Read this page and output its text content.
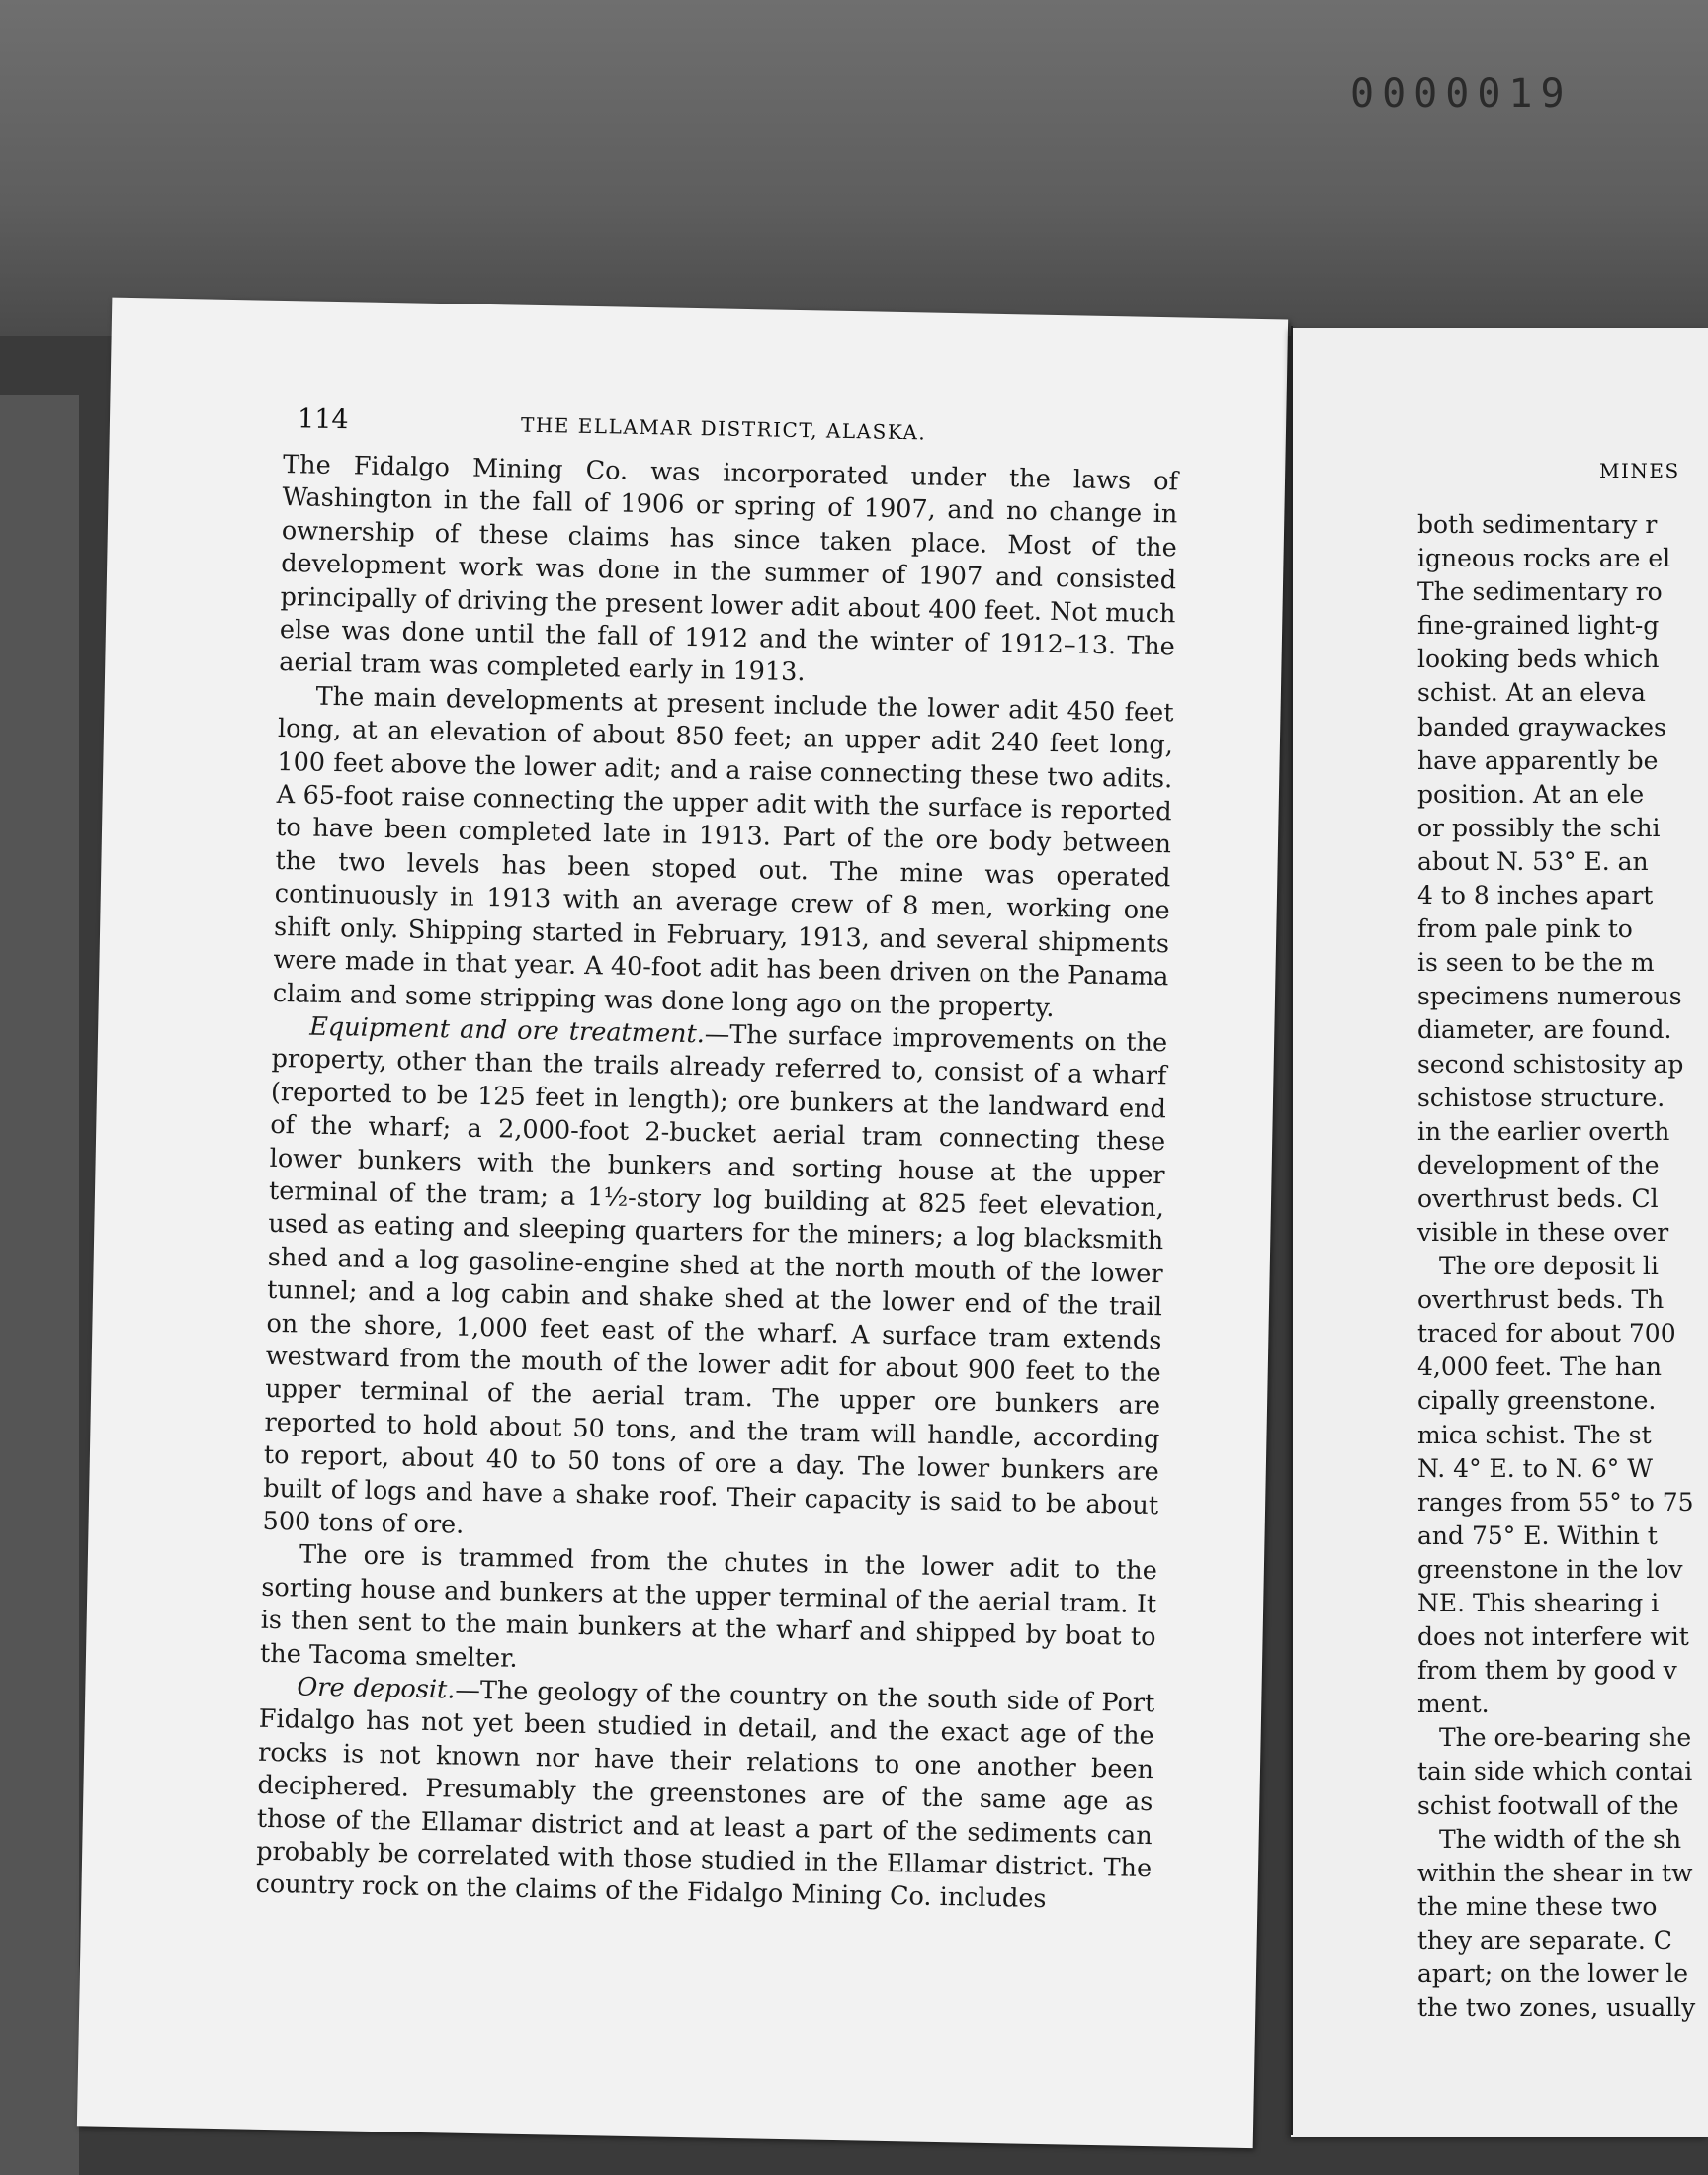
0000019
114	THE ELLAMAR DISTRICT, ALASKA.

The Fidalgo Mining Co. was incorporated under the laws of Washington in the fall of 1906 or spring of 1907, and no change in ownership of these claims has since taken place. Most of the development work was done in the summer of 1907 and consisted principally of driving the present lower adit about 400 feet. Not much else was done until the fall of 1912 and the winter of 1912–13. The aerial tram was completed early in 1913.

The main developments at present include the lower adit 450 feet long, at an elevation of about 850 feet; an upper adit 240 feet long, 100 feet above the lower adit; and a raise connecting these two adits. A 65-foot raise connecting the upper adit with the surface is reported to have been completed late in 1913. Part of the ore body between the two levels has been stoped out. The mine was operated continuously in 1913 with an average crew of 8 men, working one shift only. Shipping started in February, 1913, and several shipments were made in that year. A 40-foot adit has been driven on the Panama claim and some stripping was done long ago on the property.

Equipment and ore treatment.—The surface improvements on the property, other than the trails already referred to, consist of a wharf (reported to be 125 feet in length); ore bunkers at the landward end of the wharf; a 2,000-foot 2-bucket aerial tram connecting these lower bunkers with the bunkers and sorting house at the upper terminal of the tram; a 1½-story log building at 825 feet elevation, used as eating and sleeping quarters for the miners; a log blacksmith shed and a log gasoline-engine shed at the north mouth of the lower tunnel; and a log cabin and shake shed at the lower end of the trail on the shore, 1,000 feet east of the wharf. A surface tram extends westward from the mouth of the lower adit for about 900 feet to the upper terminal of the aerial tram. The upper ore bunkers are reported to hold about 50 tons, and the tram will handle, according to report, about 40 to 50 tons of ore a day. The lower bunkers are built of logs and have a shake roof. Their capacity is said to be about 500 tons of ore.

The ore is trammed from the chutes in the lower adit to the sorting house and bunkers at the upper terminal of the aerial tram. It is then sent to the main bunkers at the wharf and shipped by boat to the Tacoma smelter.

Ore deposit.—The geology of the country on the south side of Port Fidalgo has not yet been studied in detail, and the exact age of the rocks is not known nor have their relations to one another been deciphered. Presumably the greenstones are of the same age as those of the Ellamar district and at least a part of the sediments can probably be correlated with those studied in the Ellamar district. The country rock on the claims of the Fidalgo Mining Co. includes

MINES
both sedimentary r
igneous rocks are el
The sedimentary ro
fine-grained light-g
looking beds which
schist. At an eleva
banded graywackes
have apparently be
position. At an ele
or possibly the schi
about N. 53° E. an
4 to 8 inches apart
from pale pink to
is seen to be the m
specimens numerous
diameter, are found.
second schistosity ap
schistose structure.
in the earlier overth
development of the
overthrust beds. Cl
visible in these over
The ore deposit li
overthrust beds. Th
traced for about 700
4,000 feet. The han
cipally greenstone.
mica schist. The st
N. 4° E. to N. 6° W
ranges from 55° to 75
and 75° E. Within t
greenstone in the lov
NE. This shearing i
does not interfere wit
from them by good v
ment.
The ore-bearing she
tain side which contai
schist footwall of the
The width of the sh
within the shear in tw
the mine these two
they are separate. C
apart; on the lower le
the two zones, usually
